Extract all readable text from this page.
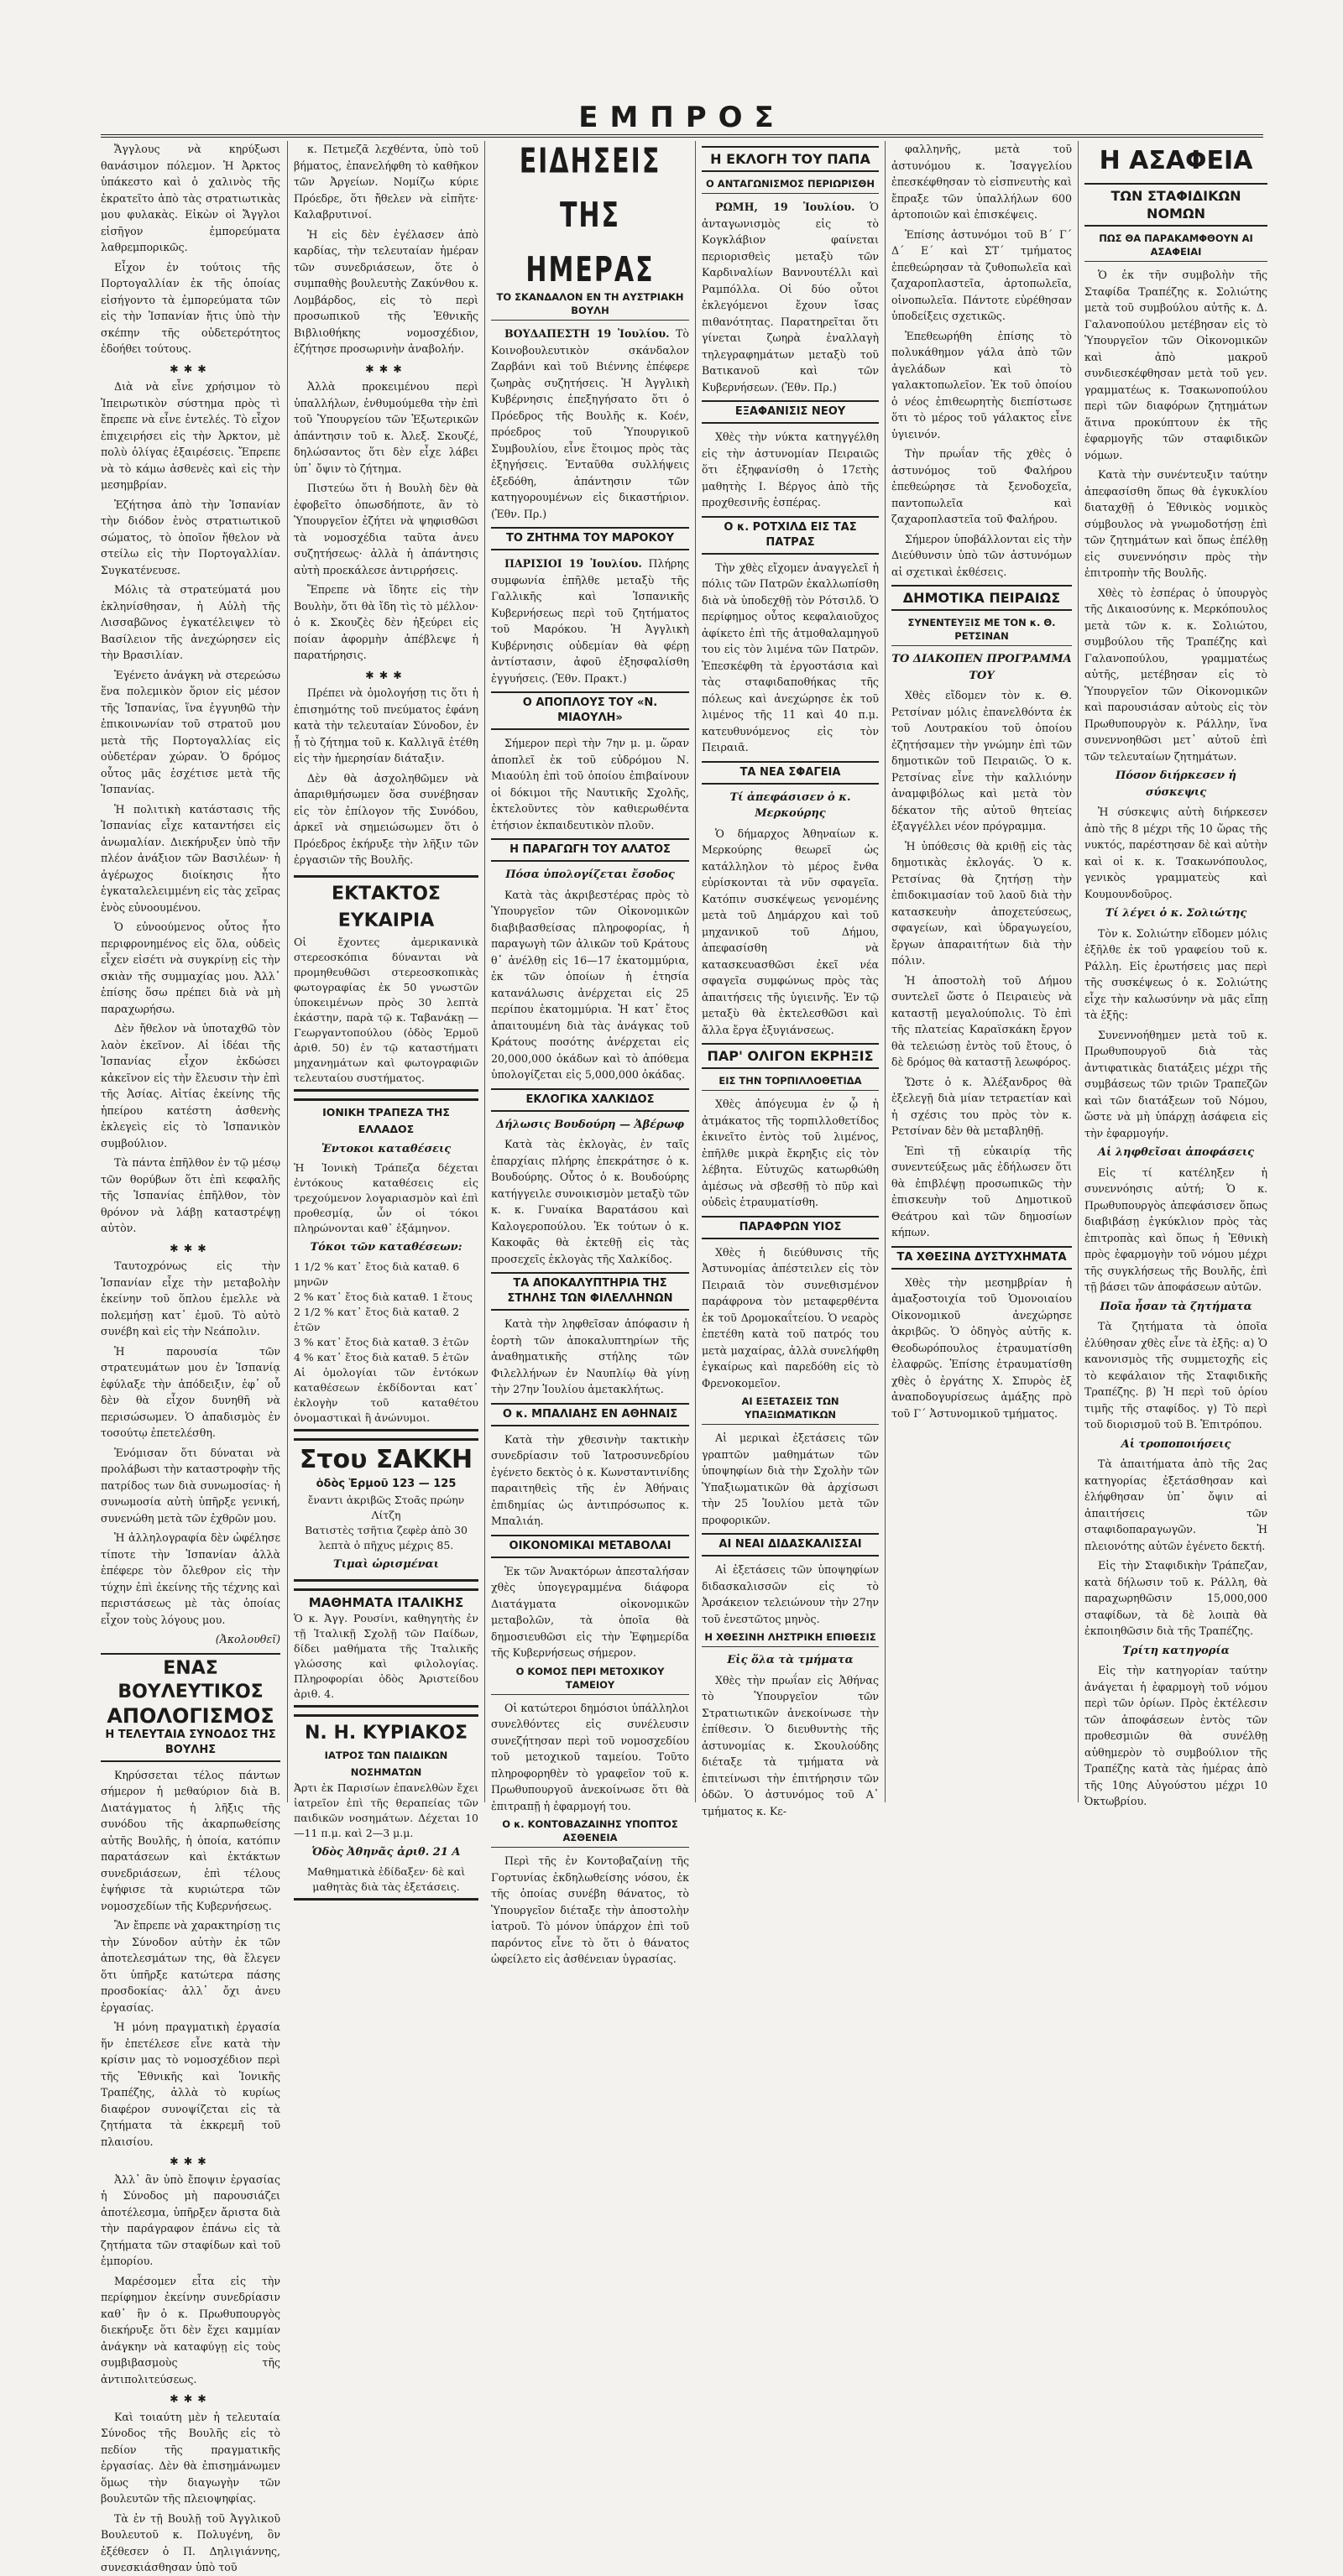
ΕΜΠΡΟΣ

Ἄγγλους νὰ κηρύξωσι θανάσιμον πόλεμον. Ἡ Ἀρκτος ὑπάκεστο καὶ ὁ χαλινὸς τῆς ἐκρατεῖτο ἀπὸ τὰς στρατιωτικὰς μου φυλακὰς. Εἰκὼν οἱ Ἄγγλοι εἰσῆγον ἐμπορεύματα λαθρεμπορικῶς.

Εἶχον ἐν τούτοις τῆς Πορτογαλλίαν ἐκ τῆς ὁποίας εἰσήγοντο τὰ ἐμπορεύματα τῶν εἰς τὴν Ἰσπανίαν ἤτις ὑπὸ τὴν σκέπην τῆς οὐδετερότητος ἐδοήθει τούτους.

✱✱✱

Διὰ νὰ εἶνε χρήσιμον τὸ Ἰπειρωτικὸν σύστημα πρὸς τὶ ἔπρεπε νὰ εἶνε ἐντελές. Τὸ εἶχον ἐπιχειρήσει εἰς τὴν Ἀρκτον, μὲ πολὺ ὀλίγας ἐξαιρέσεις. Ἔπρεπε νὰ τὸ κάμω ἀσθενὲς καὶ εἰς τὴν μεσημβρίαν.

Ἐζήτησα ἀπὸ τὴν Ἰσπανίαν τὴν διόδον ἑνὸς στρατιωτικοῦ σώματος, τὸ ὁποῖον ἤθελον νὰ στείλω εἰς τὴν Πορτογαλλίαν. Συγκατένευσε.

Μόλις τὰ στρατεύματά μου ἐκληνίσθησαν, ἡ Αὐλὴ τῆς Λισσαβῶνος ἐγκατέλειψεν τὸ Βασίλειον τῆς ἀνεχώρησεν εἰς τὴν Βρασιλίαν.

Ἐγένετο ἀνάγκη νὰ στερεώσω ἕνα πολεμικὸν ὅριον εἰς μέσον τῆς Ἰσπανίας, ἵνα ἐγγυηθῶ τὴν ἐπικοινωνίαν τοῦ στρατοῦ μου μετὰ τῆς Πορτογαλλίας εἰς οὐδετέραν χώραν. Ὁ δρόμος οὗτος μᾶς ἐσχέτισε μετὰ τῆς Ἰσπανίας.

Ἡ πολιτικὴ κατάστασις τῆς Ἰσπανίας εἶχε καταντήσει εἰς ἀνωμαλίαν. Διεκήρυξεν ὑπὸ τῆν πλέον ἀνάξιον τῶν Βασιλέων· ἡ ἀγέρωχος διοίκησις ἦτο ἐγκαταλελειμμένη εἰς τὰς χεῖρας ἑνὸς εὐνοουμένου.

Ὁ εὐνοούμενος οὗτος ἦτο περιφρονημένος εἰς ὅλα, οὐδεὶς εἶχεν εἰσέτι νὰ συγκρίνῃ εἰς τὴν σκιὰν τῆς συμμαχίας μου. Ἀλλ᾽ ἐπίσης ὅσω πρέπει διὰ νὰ μὴ παραχωρήσω.

Δὲν ἤθελον νὰ ὑποταχθῶ τὸν λαὸν ἐκεῖνον. Αἱ ἰδέαι τῆς Ἰσπανίας εἶχον ἐκδώσει κἀκεῖνον εἰς τὴν ἔλευσιν τὴν ἐπὶ τῆς Ἀσίας. Αἰτίας ἐκείνης τῆς ἡπείρου κατέστη ἀσθενὴς ἐκλεγεὶς εἰς τὸ Ἰσπανικὸν συμβούλιον.

Τὰ πάντα ἐπῆλθον ἐν τῷ μέσῳ τῶν θορύβων ὅτι ἐπὶ κεφαλῆς τῆς Ἰσπανίας ἐπῆλθον, τὸν θρόνον νὰ λάβῃ καταστρέψῃ αὐτὸν.

✱✱✱

Ταυτοχρόνως εἰς τὴν Ἰσπανίαν εἶχε τὴν μεταβολὴν ἐκείνην τοῦ ὅπλου ἐμελλε νὰ πολεμήσῃ κατ᾽ ἐμοῦ. Τὸ αὐτὸ συνέβη καὶ εἰς τὴν Νεάπολιν.

Ἡ παρουσία τῶν στρατευμάτων μου ἐν Ἰσπανίᾳ ἐφύλαξε τὴν ἀπόδειξιν, ἐφ᾽ οὗ δὲν θὰ εἶχον δυνηθῆ νὰ περισώσωμεν. Ὁ ἀπαδισμὸς ἐν τοσούτῳ ἐπετελέσθη.

Ἐνόμισαν ὅτι δύναται νὰ προλάβωσι τὴν καταστροφὴν τῆς πατρίδος των διὰ συνωμοσίας· ἡ συνωμοσία αὐτὴ ὑπῆρξε γενική, συνενώθη μετὰ τῶν ἐχθρῶν μου.

Ἡ ἀλληλογραφία δὲν ὠφέλησε τίποτε τὴν Ἰσπανίαν ἀλλὰ ἐπέφερε τὸν ὄλεθρον εἰς τὴν τύχην ἐπὶ ἐκείνης τῆς τέχνης καὶ περιστάσεως μὲ τὰς ὁποίας εἶχον τοὺς λόγους μου.

(Ἀκολουθεῖ)

ΕΝΑΣ ΒΟΥΛΕΥΤΙΚΟΣ
ΑΠΟΛΟΓΙΣΜΟΣ
Η ΤΕΛΕΥΤΑΙΑ ΣΥΝΟΔΟΣ ΤΗΣ ΒΟΥΛΗΣ

Κηρύσσεται τέλος πάντων σήμερον ἡ μεθαύριον διὰ Β. Διατάγματος ἡ λῆξις τῆς συνόδου τῆς ἀκαρπωθείσης αὐτῆς Βουλῆς, ἡ ὁποία, κατόπιν παρατάσεων καὶ ἐκτάκτων συνεδριάσεων, ἐπὶ τέλους ἐψήφισε τὰ κυριώτερα τῶν νομοσχεδίων τῆς Κυβερνήσεως.

Ἂν ἔπρεπε νὰ χαρακτηρίσῃ τις τὴν Σύνοδον αὐτὴν ἐκ τῶν ἀποτελεσμάτων της, θὰ ἔλεγεν ὅτι ὑπῆρξε κατώτερα πάσης προσδοκίας· ἀλλ᾽ ὄχι ἀνευ ἐργασίας.

Ἡ μόνη πραγματικὴ ἐργασία ἥν ἐπετέλεσε εἶνε κατὰ τὴν κρίσιν μας τὸ νομοσχέδιον περὶ τῆς Ἐθνικῆς καὶ Ἰονικῆς Τραπέζης, ἀλλὰ τὸ κυρίως διαφέρον συνοψίζεται εἰς τὰ ζητήματα τὰ ἐκκρεμῆ τοῦ πλαισίου.

✱✱✱

Ἀλλ᾽ ἂν ὑπὸ ἔποψιν ἐργασίας ἡ Σύνοδος μὴ παρουσιάζει ἀποτέλεσμα, ὑπῆρξεν ἄριστα διὰ τὴν παράγραφον ἐπάνω εἰς τὰ ζητήματα τῶν σταφίδων καὶ τοῦ ἐμπορίου.

Μαρέσομεν εἶτα εἰς τὴν περίφημον ἐκείνην συνεδρίασιν καθ᾽ ἣν ὁ κ. Πρωθυπουργὸς διεκήρυξε ὅτι δὲν ἔχει καμμίαν ἀνάγκην νὰ καταφύγῃ εἰς τοὺς συμβιβασμοὺς τῆς ἀντιπολιτεύσεως.

✱✱✱

Καὶ τοιαύτη μὲν ἡ τελευταία Σύνοδος τῆς Βουλῆς εἰς τὸ πεδίον τῆς πραγματικῆς ἐργασίας. Δὲν θὰ ἐπισημάνωμεν ὅμως τὴν διαγωγὴν τῶν βουλευτῶν τῆς πλειοψηφίας.

Τὰ ἐν τῇ Βουλῇ τοῦ Ἀγγλικοῦ Βουλευτοῦ κ. Πολυγένη, ὃν ἐξέθεσεν ὁ Π. Δηλιγιάννης, συνεσκιάσθησαν ὑπὸ τοῦ

κ. Πετμεζᾶ λεχθέντα, ὑπὸ τοῦ βήματος, ἐπανελήφθη τὸ καθῆκον τῶν Ἀργείων. Νομίζω κύριε Πρόεδρε, ὅτι ἤθελεν νὰ εἰπῆτε· Καλαβρυτινοί.

Ἡ εἰς δὲν ἐγέλασεν ἀπὸ καρδίας, τὴν τελευταίαν ἡμέραν τῶν συνεδριάσεων, ὅτε ὁ συμπαθὴς βουλευτὴς Ζακύνθου κ. Λομβάρδος, εἰς τὸ περὶ προσωπικοῦ τῆς Ἐθνικῆς Βιβλιοθήκης νομοσχέδιον, ἐζήτησε προσωρινὴν ἀναβολήν.

✱✱✱

Ἀλλὰ προκειμένου περὶ ὑπαλλήλων, ἐνθυμούμεθα τὴν ἐπὶ τοῦ Ὑπουργείου τῶν Ἐξωτερικῶν ἀπάντησιν τοῦ κ. Ἀλεξ. Σκουζέ, δηλώσαντος ὅτι δὲν εἶχε λάβει ὑπ᾽ ὄψιν τὸ ζήτημα.

Πιστεύω ὅτι ἡ Βουλὴ δὲν θὰ ἐφοβεῖτο ὁπωσδήποτε, ἂν τὸ Ὑπουργεῖον ἐζήτει νὰ ψηφισθῶσι τὰ νομοσχέδια ταῦτα ἀνευ συζητήσεως· ἀλλὰ ἡ ἀπάντησις αὐτὴ προεκάλεσε ἀντιρρήσεις.

Ἔπρεπε νὰ ἴδητε εἰς τὴν Βουλὴν, ὅτι θὰ ἴδη τὶς τὸ μέλλον· ὁ κ. Σκουζὲς δὲν ἠξεύρει εἰς ποίαν ἀφορμὴν ἀπέβλεψε ἡ παρατήρησις.

✱✱✱

Πρέπει νὰ ὁμολογήσῃ τις ὅτι ἡ ἐπισημότης τοῦ πνεύματος ἐφάνη κατὰ τὴν τελευταίαν Σύνοδον, ἐν ᾗ τὸ ζήτημα τοῦ κ. Καλλιγᾶ ἐτέθη εἰς τὴν ἡμερησίαν διάταξιν.

Δὲν θὰ ἀσχοληθῶμεν νὰ ἀπαριθμήσωμεν ὅσα συνέβησαν εἰς τὸν ἐπίλογον τῆς Συνόδου, ἀρκεῖ νὰ σημειώσωμεν ὅτι ὁ Πρόεδρος ἐκήρυξε τὴν λῆξιν τῶν ἐργασιῶν τῆς Βουλῆς.

ΕΚΤΑΚΤΟΣ ΕΥΚΑΙΡΙΑ
Οἱ ἔχοντες ἀμερικανικὰ στερεοσκόπια δύνανται νὰ προμηθευθῶσι στερεοσκοπικὰς φωτογραφίας ἐκ 50 γνωστῶν ὑποκειμένων πρὸς 30 λεπτὰ ἑκάστην, παρὰ τῷ κ. Ταβανάκῃ — Γεωργαντοπούλου (ὁδὸς Ἑρμοῦ ἀριθ. 50) ἐν τῷ καταστήματι μηχανημάτων καὶ φωτογραφιῶν τελευταίου συστήματος.
ΙΟΝΙΚΗ ΤΡΑΠΕΖΑ ΤΗΣ ΕΛΛΑΔΟΣ
Ἐντοκοι καταθέσεις
Ἡ Ἰονικὴ Τράπεζα δέχεται ἐντόκους καταθέσεις εἰς τρεχούμενον λογαριασμὸν καὶ ἐπὶ προθεσμίᾳ, ὧν οἱ τόκοι πληρώνονται καθ᾽ ἑξάμηνον.
Τόκοι τῶν καταθέσεων:
1 1/2 % κατ᾽ ἔτος διὰ καταθ. 6 μηνῶν
2 % κατ᾽ ἔτος διὰ καταθ. 1 ἔτους
2 1/2 % κατ᾽ ἔτος διὰ καταθ. 2 ἐτῶν
3 % κατ᾽ ἔτος διὰ καταθ. 3 ἐτῶν
4 % κατ᾽ ἔτος διὰ καταθ. 5 ἐτῶν
Αἱ ὁμολογίαι τῶν ἐντόκων καταθέσεων ἐκδίδονται κατ᾽ ἐκλογὴν τοῦ καταθέτου ὀνομαστικαὶ ἢ ἀνώνυμοι.
Στου ΣΑΚΚΗ
ὁδὸς Ἑρμοῦ 123 — 125
ἔναντι ἀκριβῶς Στοᾶς πρώην Λίτζη
Βατιστὲς τσῆτια ζεφὲρ ἀπὸ 30 λεπτὰ ὁ πῆχυς μέχρις 85.
Τιμαὶ ὡρισμέναι
ΜΑΘΗΜΑΤΑ ΙΤΑΛΙΚΗΣ
Ὁ κ. Ἀγγ. Ρουσίνι, καθηγητὴς ἐν τῇ Ἰταλικῇ Σχολῇ τῶν Παίδων, δίδει μαθήματα τῆς Ἰταλικῆς γλώσσης καὶ φιλολογίας. Πληροφορίαι ὁδὸς Ἀριστείδου ἀριθ. 4.
Ν. Η. ΚΥΡΙΑΚΟΣ
ΙΑΤΡΟΣ ΤΩΝ ΠΑΙΔΙΚΩΝ ΝΟΣΗΜΑΤΩΝ
Ἀρτι ἐκ Παρισίων ἐπανελθὼν ἔχει ἰατρεῖον ἐπὶ τῆς θεραπείας τῶν παιδικῶν νοσημάτων. Δέχεται 10—11 π.μ. καὶ 2—3 μ.μ.
Ὁδὸς Ἀθηνᾶς ἀριθ. 21 Α
Μαθηματικὰ ἐδίδαξεν· δὲ καὶ μαθητὰς διὰ τὰς ἐξετάσεις.
ΕΙΔΗΣΕΙΣ ΤΗΣ ΗΜΕΡΑΣ
ΤΟ ΣΚΑΝΔΑΛΟΝ ΕΝ ΤΗ ΑΥΣΤΡΙΑΚΗ ΒΟΥΛΗ

ΒΟΥΔΑΠΕΣΤΗ 19 Ἰουλίου. Τὸ Κοινοβουλευτικὸν σκάνδαλον Ζαρβάνι καὶ τοῦ Βιέννης ἐπέφερε ζωηρὰς συζητήσεις. Ἡ Ἀγγλικὴ Κυβέρνησις ἐπεξηγήσατο ὅτι ὁ Πρόεδρος τῆς Βουλῆς κ. Κοέν, πρόεδρος τοῦ Ὑπουργικοῦ Συμβουλίου, εἶνε ἕτοιμος πρὸς τὰς ἐξηγήσεις. Ἐνταῦθα συλλήψεις ἐξεδόθη, ἀπάντησιν τῶν κατηγορουμένων εἰς δικαστήριον. (Ἐθν. Πρ.)

ΤΟ ΖΗΤΗΜΑ ΤΟΥ ΜΑΡΟΚΟΥ

ΠΑΡΙΣΙΟΙ 19 Ἰουλίου. Πλήρης συμφωνία ἐπῆλθε μεταξὺ τῆς Γαλλικῆς καὶ Ἰσπανικῆς Κυβερνήσεως περὶ τοῦ ζητήματος τοῦ Μαρόκου. Ἡ Ἀγγλικὴ Κυβέρνησις οὐδεμίαν θὰ φέρῃ ἀντίστασιν, ἀφοῦ ἐξησφαλίσθη ἐγγυήσεις. (Ἐθν. Πρακτ.)

Ο ΑΠΟΠΛΟΥΣ ΤΟΥ «Ν. ΜΙΑΟΥΛΗ»

Σήμερον περὶ τὴν 7ην μ. μ. ὥραν ἀποπλεῖ ἐκ τοῦ εὐδρόμου Ν. Μιαούλη ἐπὶ τοῦ ὁποίου ἐπιβαίνουν οἱ δόκιμοι τῆς Ναυτικῆς Σχολῆς, ἐκτελοῦντες τὸν καθιερωθέντα ἐτήσιον ἐκπαιδευτικὸν πλοῦν.

Η ΠΑΡΑΓΩΓΗ ΤΟΥ ΑΛΑΤΟΣ
Πόσα ὑπολογίζεται ἔσοδος

Κατὰ τὰς ἀκριβεστέρας πρὸς τὸ Ὑπουργεῖον τῶν Οἰκονομικῶν διαβιβασθείσας πληροφορίας, ἡ παραγωγὴ τῶν ἁλικῶν τοῦ Κράτους θ᾽ ἀνέλθῃ εἰς 16—17 ἑκατομμύρια, ἐκ τῶν ὁποίων ἡ ἐτησία κατανάλωσις ἀνέρχεται εἰς 25 περίπου ἑκατομμύρια. Ἡ κατ᾽ ἔτος ἀπαιτουμένη διὰ τὰς ἀνάγκας τοῦ Κράτους ποσότης ἀνέρχεται εἰς 20,000,000 ὀκάδων καὶ τὸ ἀπόθεμα ὑπολογίζεται εἰς 5,000,000 ὀκάδας.

ΕΚΛΟΓΙΚΑ ΧΑΛΚΙΔΟΣ
Δήλωσις Βουδούρη — Ἀβέρωφ

Κατὰ τὰς ἐκλογὰς, ἐν ταῖς ἐπαρχίαις πλήρης ἐπεκράτησε ὁ κ. Βουδούρης. Οὗτος ὁ κ. Βουδούρης κατήγγειλε συνοικισμὸν μεταξὺ τῶν κ. κ. Γυναίκα Βαρατάσου καὶ Καλογεροπούλου. Ἐκ τούτων ὁ κ. Κακοφᾶς θὰ ἐκτεθῇ εἰς τὰς προσεχεῖς ἐκλογὰς τῆς Χαλκίδος.

ΤΑ ΑΠΟΚΑΛΥΠΤΗΡΙΑ ΤΗΣ ΣΤΗΛΗΣ ΤΩΝ ΦΙΛΕΛΛΗΝΩΝ

Κατὰ τὴν ληφθεῖσαν ἀπόφασιν ἡ ἑορτὴ τῶν ἀποκαλυπτηρίων τῆς ἀναθηματικῆς στήλης τῶν Φιλελλήνων ἐν Ναυπλίῳ θὰ γίνῃ τὴν 27ην Ἰουλίου ἀμετακλήτως.

Ο κ. ΜΠΑΛΙΑΗΣ ΕΝ ΑΘΗΝΑΙΣ

Κατὰ τὴν χθεσινὴν τακτικὴν συνεδρίασιν τοῦ Ἰατροσυνεδρίου ἐγένετο δεκτὸς ὁ κ. Κωνσταντινίδης παραιτηθεὶς τῆς ἐν Ἀθήναις ἐπιδημίας ὡς ἀντιπρόσωπος κ. Μπαλιάη.

ΟΙΚΟΝΟΜΙΚΑΙ ΜΕΤΑΒΟΛΑΙ

Ἐκ τῶν Ἀνακτόρων ἀπεσταλήσαν χθὲς ὑπογεγραμμένα διάφορα Διατάγματα οἰκονομικῶν μεταβολῶν, τὰ ὁποῖα θὰ δημοσιευθῶσι εἰς τὴν Ἐφημερίδα τῆς Κυβερνήσεως σήμερον.

Ο ΚΟΜΟΣ ΠΕΡΙ ΜΕΤΟΧΙΚΟΥ ΤΑΜΕΙΟΥ

Οἱ κατώτεροι δημόσιοι ὑπάλληλοι συνελθόντες εἰς συνέλευσιν συνεζήτησαν περὶ τοῦ νομοσχεδίου τοῦ μετοχικοῦ ταμείου. Τοῦτο πληροφορηθὲν τὸ γραφεῖον τοῦ κ. Πρωθυπουργοῦ ἀνεκοίνωσε ὅτι θὰ ἐπιτραπῇ ἡ ἐφαρμογή του.

Ο κ. ΚΟΝΤΟΒΑΖΑΙΝΗΣ ΥΠΟΠΤΟΣ ΑΣΘΕΝΕΙΑ

Περὶ τῆς ἐν Κοντοβαζαίνῃ τῆς Γορτυνίας ἐκδηλωθείσης νόσου, ἐκ τῆς ὁποίας συνέβη θάνατος, τὸ Ὑπουργεῖον διέταξε τὴν ἀποστολὴν ἰατροῦ. Τὸ μόνον ὑπάρχον ἐπὶ τοῦ παρόντος εἶνε τὸ ὅτι ὁ θάνατος ὠφείλετο εἰς ἀσθένειαν ὑγρασίας.

Η ΕΚΛΟΓΗ ΤΟΥ ΠΑΠΑ
Ο ΑΝΤΑΓΩΝΙΣΜΟΣ ΠΕΡΙΩΡΙΣΘΗ

ΡΩΜΗ, 19 Ἰουλίου. Ὁ ἀνταγωνισμὸς εἰς τὸ Κογκλάβιον φαίνεται περιορισθεὶς μεταξὺ τῶν Καρδιναλίων Βαννουτέλλι καὶ Ραμπόλλα. Οἱ δύο οὗτοι ἐκλεγόμενοι ἔχουν ἴσας πιθανότητας. Παρατηρεῖται ὅτι γίνεται ζωηρὰ ἐναλλαγὴ τηλεγραφημάτων μεταξὺ τοῦ Βατικανοῦ καὶ τῶν Κυβερνήσεων. (Ἐθν. Πρ.)

ΕΞΑΦΑΝΙΣΙΣ ΝΕΟΥ

Χθὲς τὴν νύκτα κατηγγέλθη εἰς τὴν ἀστυνομίαν Πειραιῶς ὅτι ἐξηφανίσθη ὁ 17ετὴς μαθητὴς Ι. Βέργος ἀπὸ τῆς προχθεσινῆς ἑσπέρας.

Ο κ. ΡΟΤΧΙΛΔ ΕΙΣ ΤΑΣ ΠΑΤΡΑΣ

Τὴν χθὲς εἴχομεν ἀναγγελεῖ ἡ πόλις τῶν Πατρῶν ἐκαλλωπίσθη διὰ νὰ ὑποδεχθῇ τὸν Ρότσιλδ. Ὁ περίφημος οὗτος κεφαλαιοῦχος ἀφίκετο ἐπὶ τῆς ἀτμοθαλαμηγοῦ του εἰς τὸν λιμένα τῶν Πατρῶν. Ἐπεσκέφθη τὰ ἐργοστάσια καὶ τὰς σταφιδαποθήκας τῆς πόλεως καὶ ἀνεχώρησε ἐκ τοῦ λιμένος τῆς 11 καὶ 40 π.μ. κατευθυνόμενος εἰς τὸν Πειραιᾶ.

ΤΑ ΝΕΑ ΣΦΑΓΕΙΑ
Τί ἀπεφάσισεν ὁ κ. Μερκούρης

Ὁ δήμαρχος Ἀθηναίων κ. Μερκούρης θεωρεῖ ὡς κατάλληλον τὸ μέρος ἔνθα εὑρίσκονται τὰ νῦν σφαγεῖα. Κατόπιν συσκέψεως γενομένης μετὰ τοῦ Δημάρχου καὶ τοῦ μηχανικοῦ τοῦ Δήμου, ἀπεφασίσθη νὰ κατασκευασθῶσι ἐκεῖ νέα σφαγεῖα συμφώνως πρὸς τὰς ἀπαιτήσεις τῆς ὑγιεινῆς. Ἐν τῷ μεταξὺ θὰ ἐκτελεσθῶσι καὶ ἄλλα ἔργα ἐξυγιάνσεως.

ΠΑΡ' ΟΛΙΓΟΝ ΕΚΡΗΞΙΣ
ΕΙΣ ΤΗΝ ΤΟΡΠΙΛΛΟΘΕΤΙΔΑ

Χθὲς ἀπόγευμα ἐν ᾧ ἡ ἀτμάκατος τῆς τορπιλλοθετίδος ἐκινεῖτο ἐντὸς τοῦ λιμένος, ἐπῆλθε μικρὰ ἔκρηξις εἰς τὸν λέβητα. Εὐτυχῶς κατωρθώθη ἀμέσως νὰ σβεσθῇ τὸ πῦρ καὶ οὐδεὶς ἐτραυματίσθη.

ΠΑΡΑΦΡΩΝ ΥΙΟΣ

Χθὲς ἡ διεύθυνσις τῆς Ἀστυνομίας ἀπέστειλεν εἰς τὸν Πειραιᾶ τὸν συνεθισμένον παράφρονα τὸν μεταφερθέντα ἐκ τοῦ Δρομοκαΐτείου. Ὁ νεαρὸς ἐπετέθη κατὰ τοῦ πατρός του μετὰ μαχαίρας, ἀλλὰ συνελήφθη ἐγκαίρως καὶ παρεδόθη εἰς τὸ Φρενοκομεῖον.

ΑΙ ΕΞΕΤΑΣΕΙΣ ΤΩΝ ΥΠΑΞΙΩΜΑΤΙΚΩΝ

Αἱ μερικαὶ ἐξετάσεις τῶν γραπτῶν μαθημάτων τῶν ὑποψηφίων διὰ τὴν Σχολὴν τῶν Ὑπαξιωματικῶν θὰ ἀρχίσωσι τὴν 25 Ἰουλίου μετὰ τῶν προφορικῶν.

ΑΙ ΝΕΑΙ ΔΙΔΑΣΚΑΛΙΣΣΑΙ

Αἱ ἐξετάσεις τῶν ὑποψηφίων διδασκαλισσῶν εἰς τὸ Ἀρσάκειον τελειώνουν τὴν 27ην τοῦ ἐνεστῶτος μηνὸς.

Η ΧΘΕΣΙΝΗ ΛΗΣΤΡΙΚΗ ΕΠΙΘΕΣΙΣ
Εἰς ὅλα τὰ τμήματα

Χθὲς τὴν πρωΐαν εἰς Ἀθήνας τὸ Ὑπουργεῖον τῶν Στρατιωτικῶν ἀνεκοίνωσε τὴν ἐπίθεσιν. Ὁ διευθυντὴς τῆς ἀστυνομίας κ. Σκουλούδης διέταξε τὰ τμήματα νὰ ἐπιτείνωσι τὴν ἐπιτήρησιν τῶν ὁδῶν. Ὁ ἀστυνόμος τοῦ Α᾽ τμήματος κ. Κε-

φαλληνῆς, μετὰ τοῦ ἀστυνόμου κ. Ἰσαγγελίου ἐπεσκέφθησαν τὸ εἰσπνευτὴς καὶ ἔπραξε τῶν ὑπαλλήλων 600 ἀρτοποιῶν καὶ ἐπισκέψεις.

Ἐπίσης ἀστυνόμοι τοῦ Β΄ Γ΄ Δ΄ Ε΄ καὶ ΣΤ΄ τμήματος ἐπεθεώρησαν τὰ ζυθοπωλεῖα καὶ ζαχαροπλαστεῖα, ἀρτοπωλεῖα, οἰνοπωλεῖα. Πάντοτε εὑρέθησαν ὑποδείξεις σχετικῶς.

Ἐπεθεωρήθη ἐπίσης τὸ πολυκάθημον γάλα ἀπὸ τῶν ἀγελάδων καὶ τὸ γαλακτοπωλεῖον. Ἐκ τοῦ ὁποίου ὁ νέος ἐπιθεωρητὴς διεπίστωσε ὅτι τὸ μέρος τοῦ γάλακτος εἶνε ὑγιεινόν.

Τὴν πρωΐαν τῆς χθὲς ὁ ἀστυνόμος τοῦ Φαλήρου ἐπεθεώρησε τὰ ξενοδοχεῖα, παντοπωλεῖα καὶ ζαχαροπλαστεῖα τοῦ Φαλήρου.

Σήμερον ὑποβάλλονται εἰς τὴν Διεύθυνσιν ὑπὸ τῶν ἀστυνόμων αἱ σχετικαὶ ἐκθέσεις.

ΔΗΜΟΤΙΚΑ ΠΕΙΡΑΙΩΣ
ΣΥΝΕΝΤΕΥΞΙΣ ΜΕ ΤΟΝ κ. Θ. ΡΕΤΣΙΝΑΝ
ΤΟ ΔΙΑΚΟΠΕΝ ΠΡΟΓΡΑΜΜΑ ΤΟΥ

Χθὲς εἴδομεν τὸν κ. Θ. Ρετσίναν μόλις ἐπανελθόντα ἐκ τοῦ Λουτρακίου τοῦ ὁποίου ἐζητήσαμεν τὴν γνώμην ἐπὶ τῶν δημοτικῶν τοῦ Πειραιῶς. Ὁ κ. Ρετσίνας εἶνε τὴν καλλιόνην ἀναμφιβόλως καὶ μετὰ τὸν δέκατον τῆς αὐτοῦ θητείας ἐξαγγέλλει νέον πρόγραμμα.

Ἡ ὑπόθεσις θὰ κριθῇ εἰς τὰς δημοτικὰς ἐκλογάς. Ὁ κ. Ρετσίνας θὰ ζητήσῃ τὴν ἐπιδοκιμασίαν τοῦ λαοῦ διὰ τὴν κατασκευὴν ἀποχετεύσεως, σφαγείων, καὶ ὑδραγωγείου, ἔργων ἀπαραιτήτων διὰ τὴν πόλιν.

Ἡ ἀποστολὴ τοῦ Δήμου συντελεῖ ὥστε ὁ Πειραιεὺς νὰ καταστῇ μεγαλούπολις. Τὸ ἐπὶ τῆς πλατείας Καραϊσκάκη ἔργον θὰ τελειώσῃ ἐντὸς τοῦ ἔτους, ὁ δὲ δρόμος θὰ καταστῇ λεωφόρος.

Ὥστε ὁ κ. Ἀλέξανδρος θὰ ἐξελεγῇ διὰ μίαν τετραετίαν καὶ ἡ σχέσις του πρὸς τὸν κ. Ρετσίναν δὲν θὰ μεταβληθῇ.

Ἐπὶ τῇ εὐκαιρίᾳ τῆς συνεντεύξεως μᾶς ἐδήλωσεν ὅτι θὰ ἐπιβλέψῃ προσωπικῶς τὴν ἐπισκευὴν τοῦ Δημοτικοῦ Θεάτρου καὶ τῶν δημοσίων κήπων.

ΤΑ ΧΘΕΣΙΝΑ ΔΥΣΤΥΧΗΜΑΤΑ

Χθὲς τὴν μεσημβρίαν ἡ ἁμαξοστοιχία τοῦ Ὁμονοιαίου Οἰκονομικοῦ ἀνεχώρησε ἀκριβῶς. Ὁ ὁδηγὸς αὐτῆς κ. Θεοδωρόπουλος ἐτραυματίσθη ἐλαφρῶς. Ἐπίσης ἐτραυματίσθη χθὲς ὁ ἐργάτης Χ. Σπυρὸς ἐξ ἀναποδογυρίσεως ἁμάξης πρὸ τοῦ Γ΄ Ἀστυνομικοῦ τμήματος.

Η ΑΣΑΦΕΙΑ
ΤΩΝ ΣΤΑΦΙΔΙΚΩΝ ΝΟΜΩΝ
ΠΩΣ ΘΑ ΠΑΡΑΚΑΜΦΘΟΥΝ ΑΙ ΑΣΑΦΕΙΑΙ

Ὁ ἐκ τῆν συμβολὴν τῆς Σταφίδα Τραπέζης κ. Σολιώτης μετὰ τοῦ συμβούλου αὐτῆς κ. Δ. Γαλανοπούλου μετέβησαν εἰς τὸ Ὑπουργεῖον τῶν Οἰκονομικῶν καὶ ἀπὸ μακροῦ συνδιεσκέφθησαν μετὰ τοῦ γεν. γραμματέως κ. Τσακωνοπούλου περὶ τῶν διαφόρων ζητημάτων ἅτινα προκύπτουν ἐκ τῆς ἐφαρμογῆς τῶν σταφιδικῶν νόμων.

Κατὰ τὴν συνέντευξιν ταύτην ἀπεφασίσθη ὅπως θὰ ἐγκυκλίου διαταχθῇ ὁ Ἐθνικὸς νομικὸς σύμβουλος νὰ γνωμοδοτήσῃ ἐπὶ τῶν ζητημάτων καὶ ὅπως ἐπέλθῃ εἰς συνεννόησιν πρὸς τὴν ἐπιτροπὴν τῆς Βουλῆς.

Χθὲς τὸ ἑσπέρας ὁ ὑπουργὸς τῆς Δικαιοσύνης κ. Μερκόπουλος μετὰ τῶν κ. κ. Σολιώτου, συμβούλου τῆς Τραπέζης καὶ Γαλανοπούλου, γραμματέως αὐτῆς, μετέβησαν εἰς τὸ Ὑπουργεῖον τῶν Οἰκονομικῶν καὶ παρουσιάσαν αὐτοὺς εἰς τὸν Πρωθυπουργὸν κ. Ράλλην, ἵνα συνεννοηθῶσι μετ᾽ αὐτοῦ ἐπὶ τῶν τελευταίων ζητημάτων.

Πόσον διήρκεσεν ἡ σύσκεψις

Ἡ σύσκεψις αὐτὴ διήρκεσεν ἀπὸ τῆς 8 μέχρι τῆς 10 ὥρας τῆς νυκτός, παρέστησαν δὲ καὶ αὐτὴν καὶ οἱ κ. κ. Τσακωνόπουλος, γενικὸς γραμματεὺς καὶ Κουμουνδοῦρος.

Τί λέγει ὁ κ. Σολιώτης

Τὸν κ. Σολιώτην εἴδομεν μόλις ἐξῆλθε ἐκ τοῦ γραφείου τοῦ κ. Ράλλη. Εἰς ἐρωτήσεις μας περὶ τῆς συσκέψεως ὁ κ. Σολιώτης εἶχε τὴν καλωσύνην νὰ μᾶς εἴπῃ τὰ ἑξῆς:

Συνεννοήθημεν μετὰ τοῦ κ. Πρωθυπουργοῦ διὰ τὰς ἀντιφατικὰς διατάξεις μέχρι τῆς συμβάσεως τῶν τριῶν Τραπεζῶν καὶ τῶν διατάξεων τοῦ Νόμου, ὥστε νὰ μὴ ὑπάρχῃ ἀσάφεια εἰς τὴν ἐφαρμογήν.

Αἱ ληφθεῖσαι ἀποφάσεις

Εἰς τί κατέληξεν ἡ συνεννόησις αὐτή; Ὁ κ. Πρωθυπουργὸς ἀπεφάσισεν ὅπως διαβιβάσῃ ἐγκύκλιον πρὸς τὰς ἐπιτροπὰς καὶ ὅπως ἡ Ἐθνικὴ πρὸς ἐφαρμογὴν τοῦ νόμου μέχρι τῆς συγκλήσεως τῆς Βουλῆς, ἐπὶ τῇ βάσει τῶν ἀποφάσεων αὐτῶν.

Ποῖα ἦσαν τὰ ζητήματα

Τὰ ζητήματα τὰ ὁποῖα ἐλύθησαν χθὲς εἶνε τὰ ἑξῆς: α) Ὁ κανονισμὸς τῆς συμμετοχῆς εἰς τὸ κεφάλαιον τῆς Σταφιδικῆς Τραπέζης. β) Ἡ περὶ τοῦ ὁρίου τιμῆς τῆς σταφίδος. γ) Τὸ περὶ τοῦ διορισμοῦ τοῦ Β. Ἐπιτρόπου.

Αἱ τροποποιήσεις

Τὰ ἀπαιτήματα ἀπὸ τῆς 2ας κατηγορίας ἐξετάσθησαν καὶ ἐλήφθησαν ὑπ᾽ ὄψιν αἱ ἀπαιτήσεις τῶν σταφιδοπαραγωγῶν. Ἡ πλειονότης αὐτῶν ἐγένετο δεκτή.

Εἰς τὴν Σταφιδικὴν Τράπεζαν, κατὰ δήλωσιν τοῦ κ. Ράλλη, θὰ παραχωρηθῶσιν 15,000,000 σταφίδων, τὰ δὲ λοιπὰ θὰ ἐκποιηθῶσιν διὰ τῆς Τραπέζης.

Τρίτη κατηγορία

Εἰς τὴν κατηγορίαν ταύτην ἀνάγεται ἡ ἐφαρμογὴ τοῦ νόμου περὶ τῶν ὁρίων. Πρὸς ἐκτέλεσιν τῶν ἀποφάσεων ἐντὸς τῶν προθεσμιῶν θὰ συνέλθῃ αὐθημερὸν τὸ συμβούλιον τῆς Τραπέζης κατὰ τὰς ἡμέρας ἀπὸ τῆς 10ης Αὐγούστου μέχρι 10 Ὀκτωβρίου.
